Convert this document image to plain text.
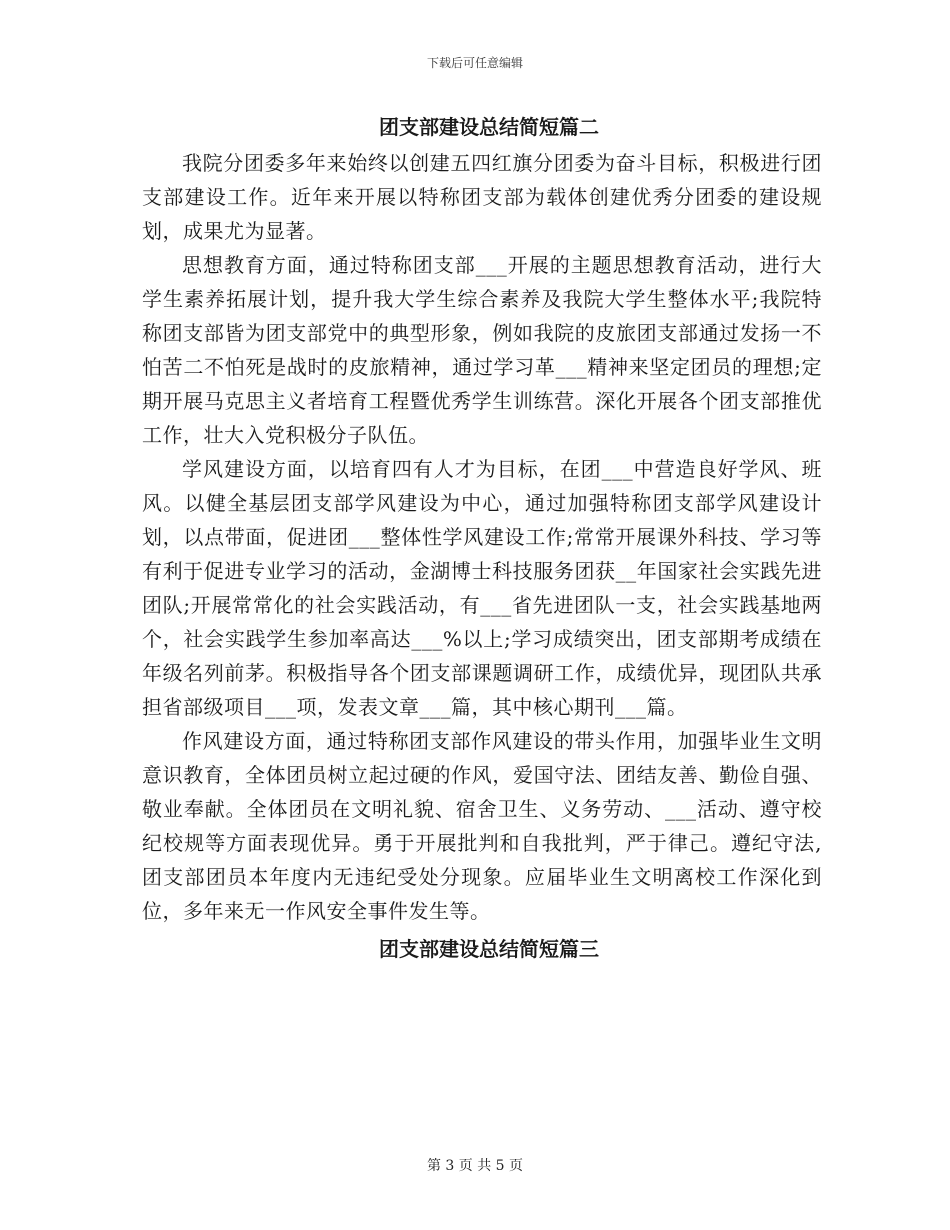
下载后可任意编辑
团支部建设总结简短篇二

我院分团委多年来始终以创建五四红旗分团委为奋斗目标，积极进行团支部建设工作。近年来开展以特称团支部为载体创建优秀分团委的建设规划，成果尤为显著。

思想教育方面，通过特称团支部___开展的主题思想教育活动，进行大学生素养拓展计划，提升我大学生综合素养及我院大学生整体水平;我院特称团支部皆为团支部党中的典型形象，例如我院的皮旅团支部通过发扬一不怕苦二不怕死是战时的皮旅精神，通过学习革___精神来坚定团员的理想;定期开展马克思主义者培育工程暨优秀学生训练营。深化开展各个团支部推优工作，壮大入党积极分子队伍。

学风建设方面，以培育四有人才为目标，在团___中营造良好学风、班风。以健全基层团支部学风建设为中心，通过加强特称团支部学风建设计划，以点带面，促进团___整体性学风建设工作;常常开展课外科技、学习等有利于促进专业学习的活动，金湖博士科技服务团获__年国家社会实践先进团队;开展常常化的社会实践活动，有___省先进团队一支，社会实践基地两个，社会实践学生参加率高达___%以上;学习成绩突出，团支部期考成绩在年级名列前茅。积极指导各个团支部课题调研工作，成绩优异，现团队共承担省部级项目___项，发表文章___篇，其中核心期刊___篇。

作风建设方面，通过特称团支部作风建设的带头作用，加强毕业生文明意识教育，全体团员树立起过硬的作风，爱国守法、团结友善、勤俭自强、敬业奉献。全体团员在文明礼貌、宿舍卫生、义务劳动、___活动、遵守校纪校规等方面表现优异。勇于开展批判和自我批判，严于律己。遵纪守法,团支部团员本年度内无违纪受处分现象。应届毕业生文明离校工作深化到位，多年来无一作风安全事件发生等。

团支部建设总结简短篇三
第 3 页 共 5 页
